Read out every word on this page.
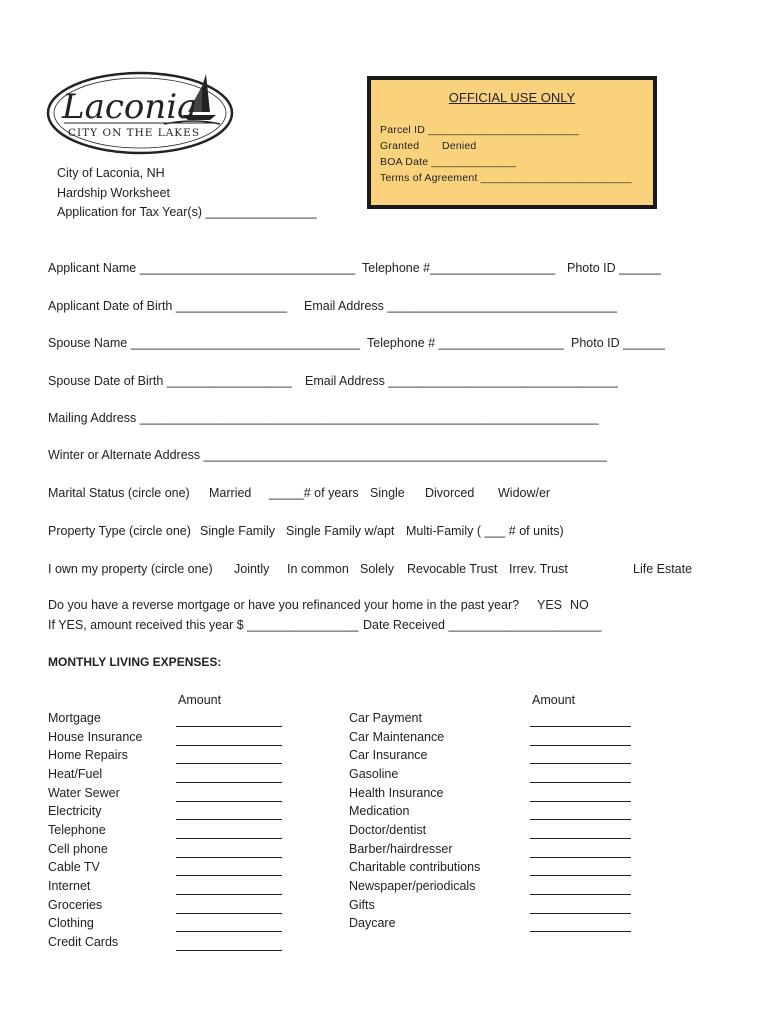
Laconia
CITY ON THE LAKES
City of Laconia, NH
Hardship Worksheet
Application for Tax Year(s) ________________
OFFICIAL USE ONLY
Parcel ID _________________________
Granted Denied
BOA Date ______________
Terms of Agreement _________________________
Applicant Name _______________________________ Telephone #__________________ Photo ID ______
Applicant Date of Birth ________________ Email Address _________________________________
Spouse Name _________________________________ Telephone # __________________ Photo ID ______
Spouse Date of Birth __________________ Email Address _________________________________
Mailing Address __________________________________________________________________
Winter or Alternate Address __________________________________________________________
Marital Status (circle one) Married _____# of years Single Divorced Widow/er
Property Type (circle one) Single Family Single Family w/apt Multi-Family ( ___ # of units)
I own my property (circle one) Jointly In common Solely Revocable Trust Irrev. Trust	Life Estate
Do you have a reverse mortgage or have you refinanced your home in the past year? YES NO
If YES, amount received this year $ ________________ Date Received ______________________
MONTHLY LIVING EXPENSES:
Amount	Amount
Mortgage
House Insurance
Home Repairs
Heat/Fuel
Water Sewer
Electricity
Telephone
Cell phone
Cable TV
Internet
Groceries
Clothing
Credit Cards
Car Payment
Car Maintenance
Car Insurance
Gasoline
Health Insurance
Medication
Doctor/dentist
Barber/hairdresser
Charitable contributions
Newspaper/periodicals
Gifts
Daycare
